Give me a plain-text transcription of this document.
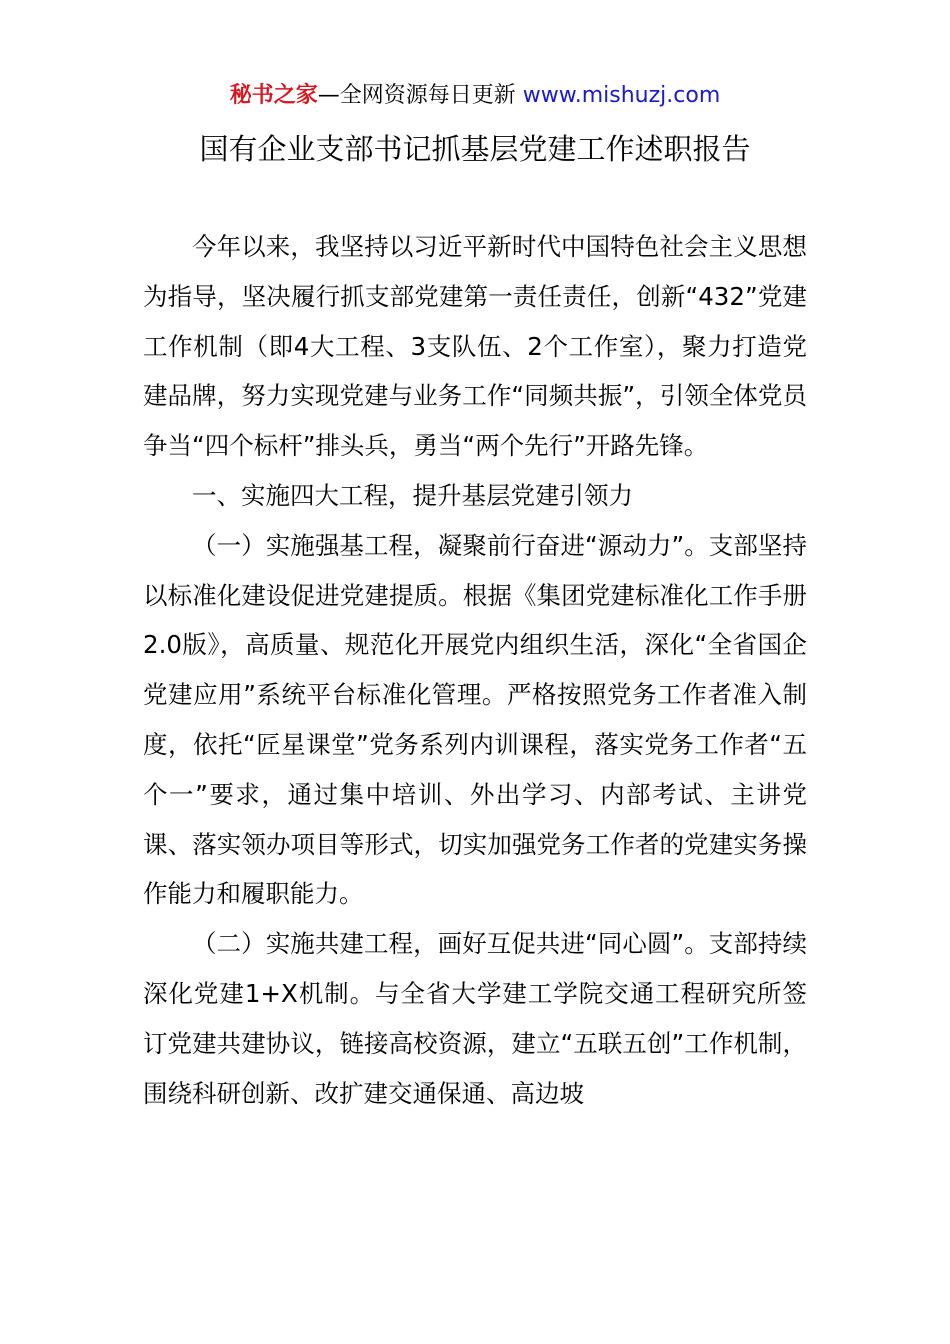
秘书之家—全网资源每日更新 www.mishuzj.com
国有企业支部书记抓基层党建工作述职报告

今年以来，我坚持以习近平新时代中国特色社会主义思想为指导，坚决履行抓支部党建第一责任责任，创新“432”党建工作机制（即4大工程、3支队伍、2个工作室），聚力打造党建品牌，努力实现党建与业务工作“同频共振”，引领全体党员争当“四个标杆”排头兵，勇当“两个先行”开路先锋。

一、实施四大工程，提升基层党建引领力

（一）实施强基工程，凝聚前行奋进“源动力”。支部坚持以标准化建设促进党建提质。根据《集团党建标准化工作手册2.0版》，高质量、规范化开展党内组织生活，深化“全省国企党建应用”系统平台标准化管理。严格按照党务工作者准入制度，依托“匠星课堂”党务系列内训课程，落实党务工作者“五个一”要求，通过集中培训、外出学习、内部考试、主讲党课、落实领办项目等形式，切实加强党务工作者的党建实务操作能力和履职能力。

（二）实施共建工程，画好互促共进“同心圆”。支部持续深化党建1+X机制。与全省大学建工学院交通工程研究所签订党建共建协议，链接高校资源，建立“五联五创”工作机制，围绕科研创新、改扩建交通保通、高边坡
